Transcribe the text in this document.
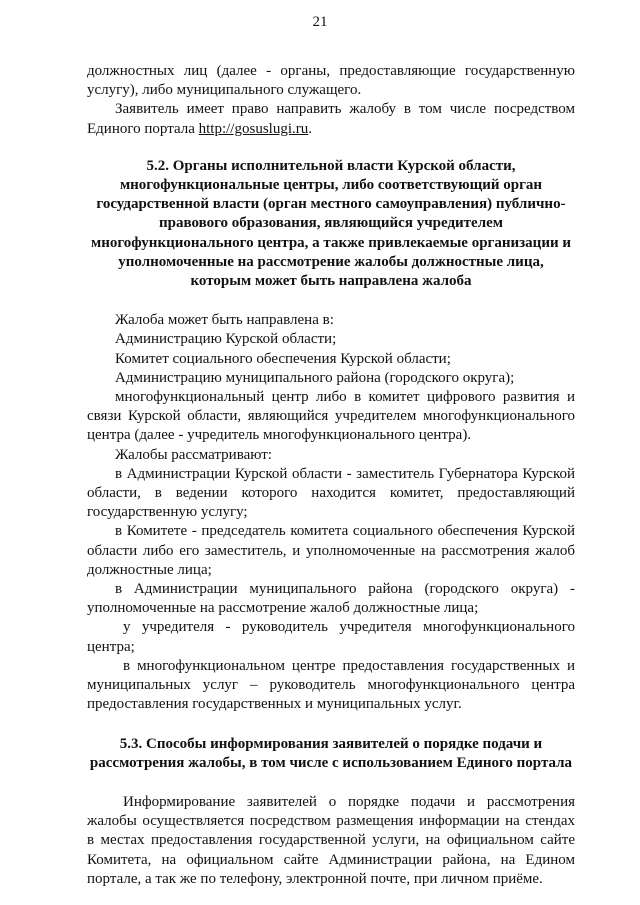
21

должностных лиц (далее - органы, предоставляющие государственную услугу), либо муниципального служащего.

Заявитель имеет право направить жалобу в том числе посредством Единого портала http://gosuslugi.ru.

5.2. Органы исполнительной власти Курской области, многофункциональные центры, либо соответствующий орган государственной власти (орган местного самоуправления) публично-правового образования, являющийся учредителем многофункционального центра, а также привлекаемые организации и уполномоченные на рассмотрение жалобы должностные лица, которым может быть направлена жалоба

Жалоба может быть направлена в:

Администрацию Курской области;

Комитет социального обеспечения Курской области;

Администрацию муниципального района (городского округа);

многофункциональный центр либо в комитет цифрового развития и связи Курской области, являющийся учредителем многофункционального центра (далее - учредитель многофункционального центра).

Жалобы рассматривают:

в Администрации Курской области - заместитель Губернатора Курской области, в ведении которого находится комитет, предоставляющий государственную услугу;

в Комитете - председатель комитета социального обеспечения Курской области либо его заместитель, и уполномоченные на рассмотрения жалоб должностные лица;

в Администрации муниципального района (городского округа) - уполномоченные на рассмотрение жалоб должностные лица;

у учредителя - руководитель учредителя многофункционального центра;

в многофункциональном центре предоставления государственных и муниципальных услуг – руководитель многофункционального центра предоставления государственных и муниципальных услуг.

5.3. Способы информирования заявителей о порядке подачи и рассмотрения жалобы, в том числе с использованием Единого портала

Информирование заявителей о порядке подачи и рассмотрения жалобы осуществляется посредством размещения информации на стендах в местах предоставления государственной услуги, на официальном сайте Комитета, на официальном сайте Администрации района, на Едином портале, а так же по телефону, электронной почте, при личном приёме.
